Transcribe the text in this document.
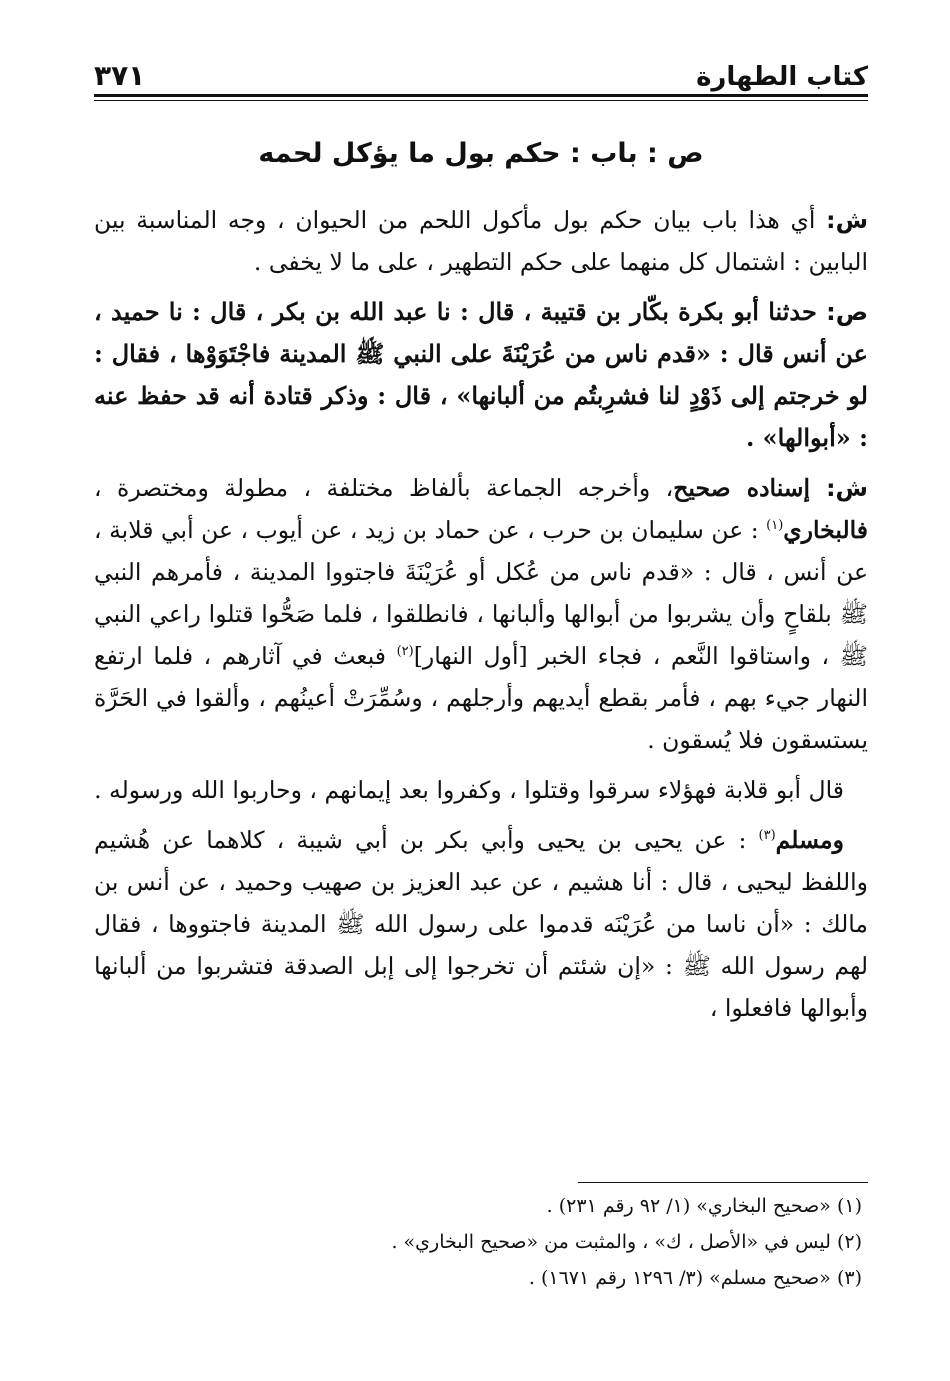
كتاب الطهارة
٣٧١
ص : باب : حكم بول ما يؤكل لحمه

ش: أي هذا باب بيان حكم بول مأكول اللحم من الحيوان ، وجه المناسبة بين البابين : اشتمال كل منهما على حكم التطهير ، على ما لا يخفى .

ص: حدثنا أبو بكرة بكّار بن قتيبة ، قال : نا عبد الله بن بكر ، قال : نا حميد ، عن أنس قال : «قدم ناس من عُرَيْنَةَ على النبي ﷺ المدينة فاجْتَوَوْها ، فقال : لو خرجتم إلى ذَوْدٍ لنا فشرِبتُم من ألبانها» ، قال : وذكر قتادة أنه قد حفظ عنه : «أبوالها» .

ش: إسناده صحيح، وأخرجه الجماعة بألفاظ مختلفة ، مطولة ومختصرة ، فالبخاري$^{(١)}$ : عن سليمان بن حرب ، عن حماد بن زيد ، عن أيوب ، عن أبي قلابة ، عن أنس ، قال : «قدم ناس من عُكل أو عُرَيْنَةَ فاجتووا المدينة ، فأمرهم النبي ﷺ بلقاحٍ وأن يشربوا من أبوالها وألبانها ، فانطلقوا ، فلما صَحُّوا قتلوا راعي النبي ﷺ ، واستاقوا النَّعم ، فجاء الخبر [أول النهار]$^{(٢)}$ فبعث في آثارهم ، فلما ارتفع النهار جيء بهم ، فأمر بقطع أيديهم وأرجلهم ، وسُمِّرَتْ أعينُهم ، وألقوا في الحَرَّة يستسقون فلا يُسقون .

قال أبو قلابة فهؤلاء سرقوا وقتلوا ، وكفروا بعد إيمانهم ، وحاربوا الله ورسوله .

ومسلم$^{(٣)}$ : عن يحيى بن يحيى وأبي بكر بن أبي شيبة ، كلاهما عن هُشيم واللفظ ليحيى ، قال : أنا هشيم ، عن عبد العزيز بن صهيب وحميد ، عن أنس بن مالك : «أن ناسا من عُرَيْنَه قدموا على رسول الله ﷺ المدينة فاجتووها ، فقال لهم رسول الله ﷺ : «إن شئتم أن تخرجوا إلى إبل الصدقة فتشربوا من ألبانها وأبوالها فافعلوا ،

(١) «صحيح البخاري» (١/ ٩٢ رقم ٢٣١) .
(٢) ليس في «الأصل ، ك» ، والمثبت من «صحيح البخاري» .
(٣) «صحيح مسلم» (٣/ ١٢٩٦ رقم ١٦٧١) .
